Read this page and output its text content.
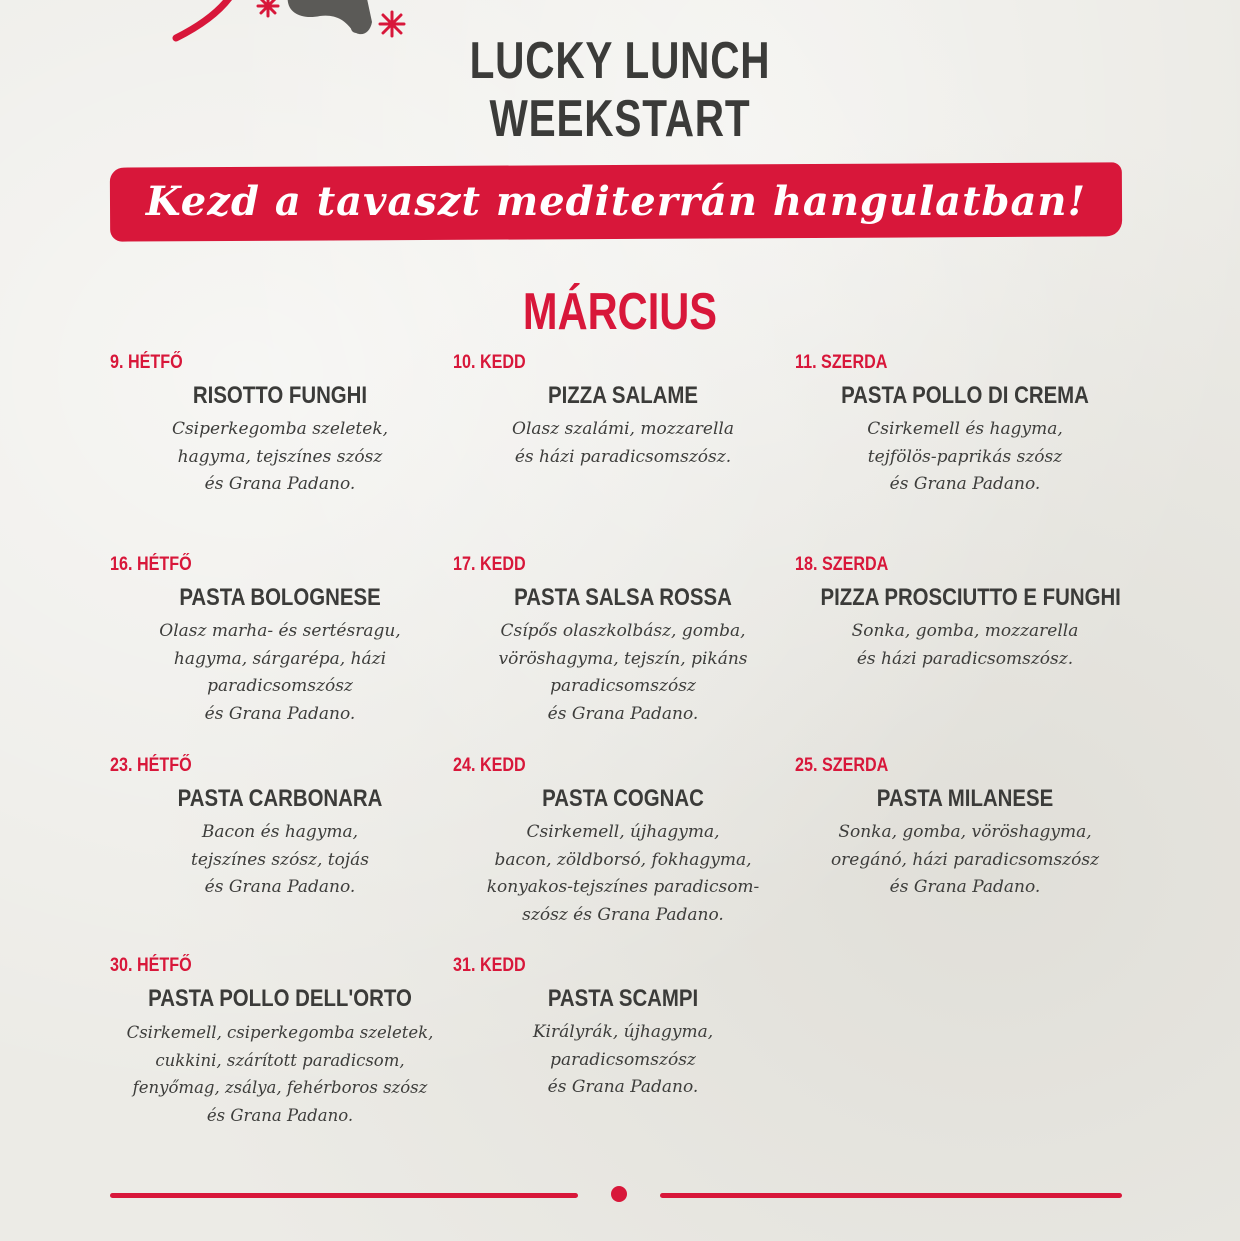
LUCKY LUNCH
WEEKSTART
Kezd a tavaszt mediterrán hangulatban!
MÁRCIUS
9. HÉTFŐ
RISOTTO FUNGHI
Csiperkegomba szeletek,
hagyma, tejszínes szósz
és Grana Padano.
10. KEDD
PIZZA SALAME
Olasz szalámi, mozzarella
és házi paradicsomszósz.
11. SZERDA
PASTA POLLO DI CREMA
Csirkemell és hagyma,
tejfölös-paprikás szósz
és Grana Padano.
16. HÉTFŐ
PASTA BOLOGNESE
Olasz marha- és sertésragu,
hagyma, sárgarépa, házi
paradicsomszósz
és Grana Padano.
17. KEDD
PASTA SALSA ROSSA
Csípős olaszkolbász, gomba,
vöröshagyma, tejszín, pikáns
paradicsomszósz
és Grana Padano.
18. SZERDA
PIZZA PROSCIUTTO E FUNGHI
Sonka, gomba, mozzarella
és házi paradicsomszósz.
23. HÉTFŐ
PASTA CARBONARA
Bacon és hagyma,
tejszínes szósz, tojás
és Grana Padano.
24. KEDD
PASTA COGNAC
Csirkemell, újhagyma,
bacon, zöldborsó, fokhagyma,
konyakos-tejszínes paradicsom-
szósz és Grana Padano.
25. SZERDA
PASTA MILANESE
Sonka, gomba, vöröshagyma,
oregánó, házi paradicsomszósz
és Grana Padano.
30. HÉTFŐ
PASTA POLLO DELL'ORTO
Csirkemell, csiperkegomba szeletek,
cukkini, szárított paradicsom,
fenyőmag, zsálya, fehérboros szósz
és Grana Padano.
31. KEDD
PASTA SCAMPI
Királyrák, újhagyma,
paradicsomszósz
és Grana Padano.
